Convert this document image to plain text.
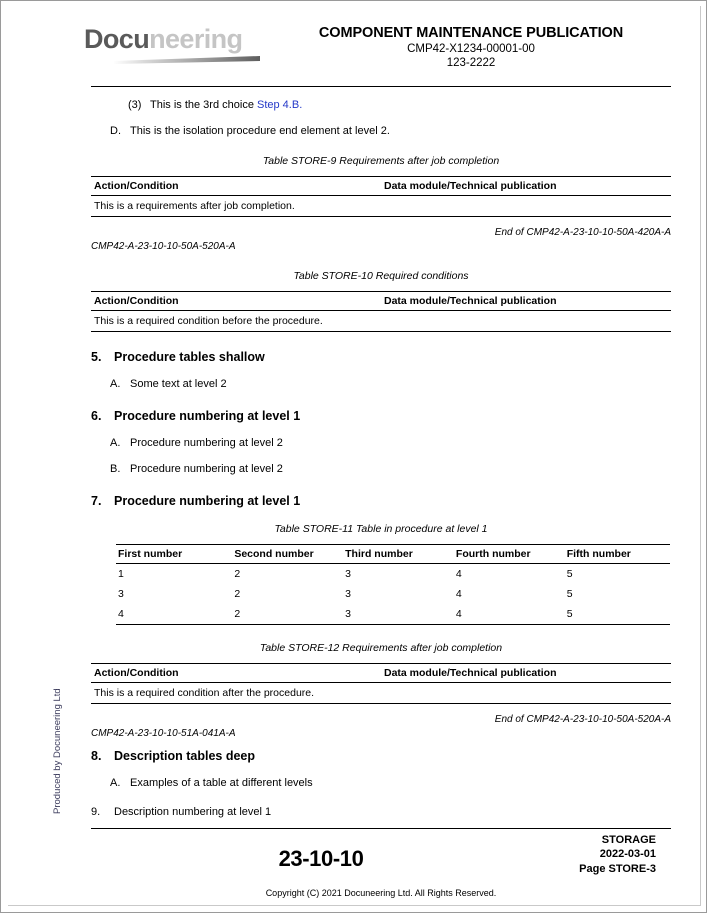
Docuneering	COMPONENT MAINTENANCE PUBLICATION
CMP42-X1234-00001-00
123-2222

(3) This is the 3rd choice Step 4.B.

D. This is the isolation procedure end element at level 2.

Table STORE-9 Requirements after job completion
Action/Condition	Data module/Technical publication
This is a requirements after job completion.	
End of CMP42-A-23-10-10-50A-420A-A
CMP42-A-23-10-10-50A-520A-A
Table STORE-10 Required conditions
Action/Condition	Data module/Technical publication
This is a required condition before the procedure.	

5. Procedure tables shallow

A. Some text at level 2

6. Procedure numbering at level 1

A. Procedure numbering at level 2

B. Procedure numbering at level 2

7. Procedure numbering at level 1

Table STORE-11 Table in procedure at level 1
First number	Second number	Third number	Fourth number	Fifth number
1	2	3	4	5
3	2	3	4	5
4	2	3	4	5
Table STORE-12 Requirements after job completion
Action/Condition	Data module/Technical publication
This is a required condition after the procedure.	
End of CMP42-A-23-10-10-50A-520A-A
CMP42-A-23-10-10-51A-041A-A

8. Description tables deep

A. Examples of a table at different levels

9. Description numbering at level 1

Produced by Docuneering Ltd
23-10-10
STORAGE
2022-03-01
Page STORE-3
Copyright (C) 2021 Docuneering Ltd. All Rights Reserved.
